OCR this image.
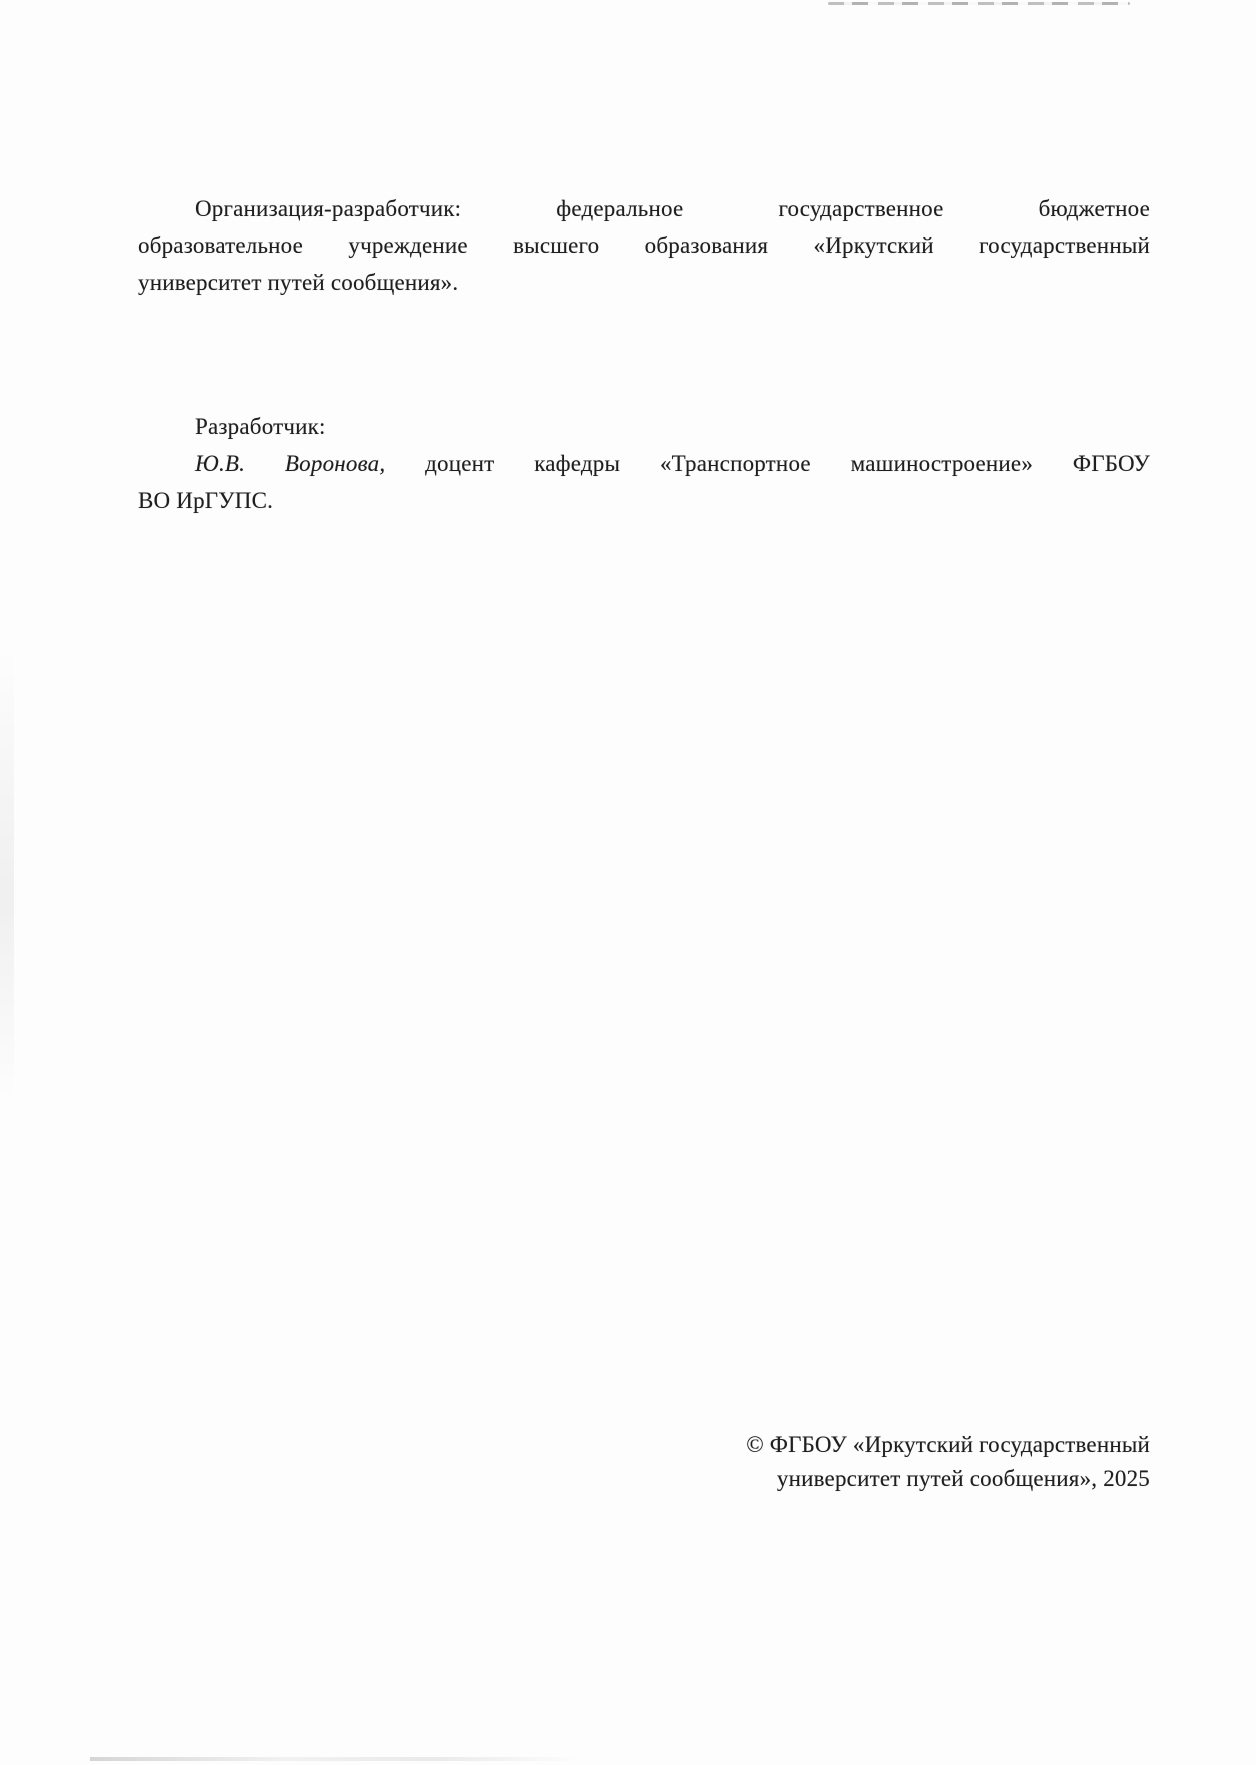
Организация-разработчик: федеральное государственное бюджетное
образовательное учреждение высшего образования «Иркутский государственный
университет путей сообщения».
Разработчик:
Ю.В. Воронова, доцент кафедры «Транспортное машиностроение» ФГБОУ
ВО ИрГУПС.
© ФГБОУ «Иркутский государственный
университет путей сообщения», 2025
